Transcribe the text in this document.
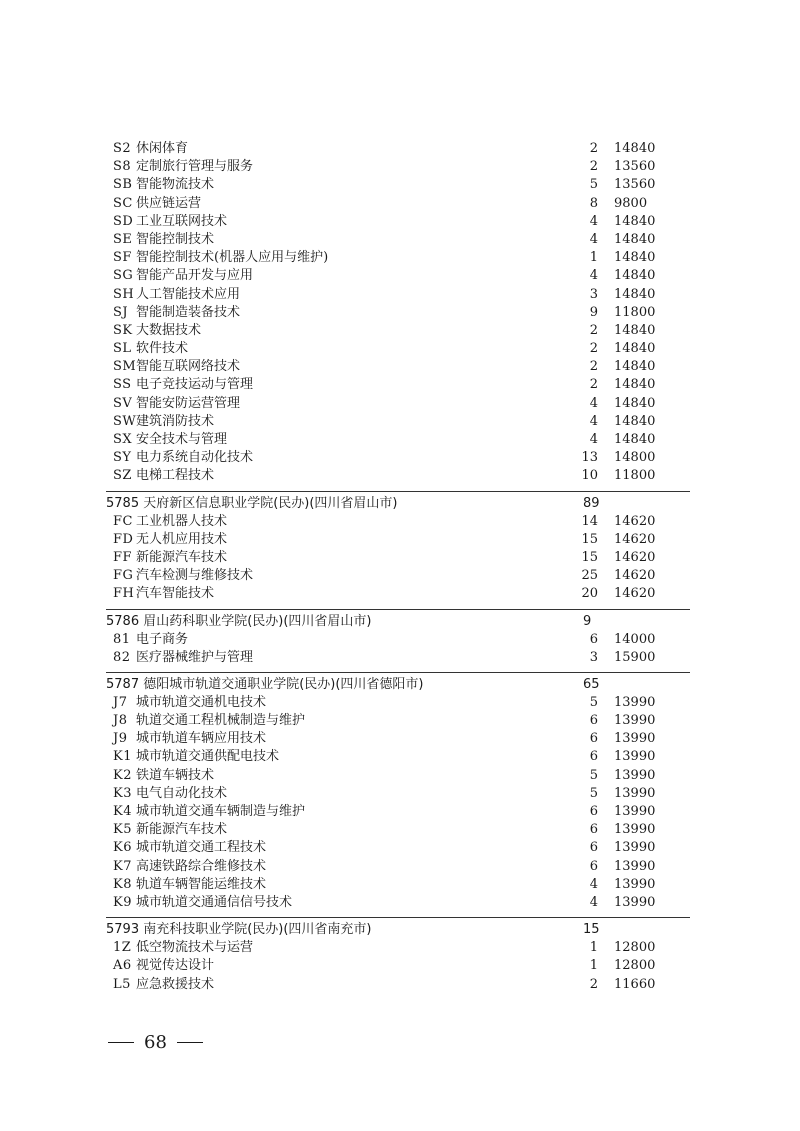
S2 休闲体育	2 14840
S8 定制旅行管理与服务	2 13560
SB 智能物流技术	5 13560
SC 供应链运营	8 9800
SD 工业互联网技术	4 14840
SE 智能控制技术	4 14840
SF 智能控制技术(机器人应用与维护)	1 14840
SG 智能产品开发与应用	4 14840
SH 人工智能技术应用	3 14840
SJ 智能制造装备技术	9 11800
SK 大数据技术	2 14840
SL 软件技术	2 14840
SM 智能互联网络技术	2 14840
SS 电子竞技运动与管理	2 14840
SV 智能安防运营管理	4 14840
SW 建筑消防技术	4 14840
SX 安全技术与管理	4 14840
SY 电力系统自动化技术	13 14800
SZ 电梯工程技术	10 11800
5785 天府新区信息职业学院(民办)(四川省眉山市)	89
FC 工业机器人技术	14 14620
FD 无人机应用技术	15 14620
FF 新能源汽车技术	15 14620
FG 汽车检测与维修技术	25 14620
FH 汽车智能技术	20 14620
5786 眉山药科职业学院(民办)(四川省眉山市)	9
81 电子商务	6 14000
82 医疗器械维护与管理	3 15900
5787 德阳城市轨道交通职业学院(民办)(四川省德阳市)	65
J7 城市轨道交通机电技术	5 13990
J8 轨道交通工程机械制造与维护	6 13990
J9 城市轨道车辆应用技术	6 13990
K1 城市轨道交通供配电技术	6 13990
K2 铁道车辆技术	5 13990
K3 电气自动化技术	5 13990
K4 城市轨道交通车辆制造与维护	6 13990
K5 新能源汽车技术	6 13990
K6 城市轨道交通工程技术	6 13990
K7 高速铁路综合维修技术	6 13990
K8 轨道车辆智能运维技术	4 13990
K9 城市轨道交通通信信号技术	4 13990
5793 南充科技职业学院(民办)(四川省南充市)	15
1Z 低空物流技术与运营	1 12800
A6 视觉传达设计	1 12800
L5 应急救援技术	2 11660
68
